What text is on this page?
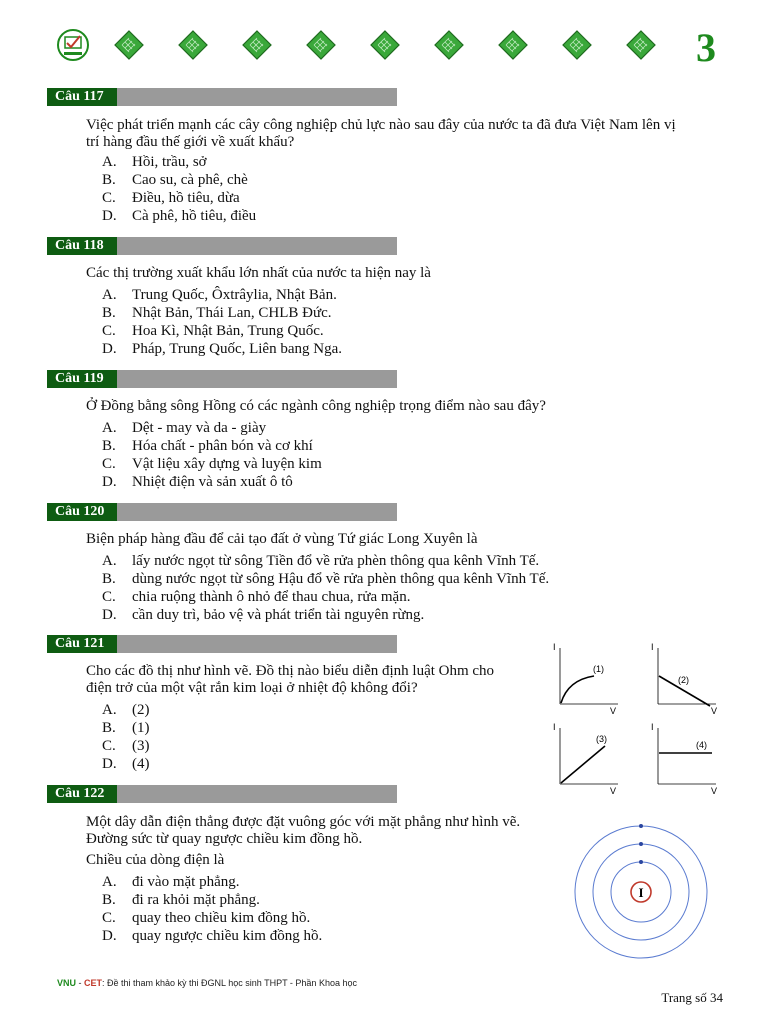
3
Câu 117
Việc phát triển mạnh các cây công nghiệp chủ lực nào sau đây của nước ta đã đưa Việt Nam lên vị
trí hàng đầu thế giới về xuất khẩu?
A. Hồi, trầu, sở
B. Cao su, cà phê, chè
C. Điều, hồ tiêu, dừa
D. Cà phê, hồ tiêu, điều
Câu 118
Các thị trường xuất khẩu lớn nhất của nước ta hiện nay là
A. Trung Quốc, Ôxtrâylia, Nhật Bản.
B. Nhật Bản, Thái Lan, CHLB Đức.
C. Hoa Kì, Nhật Bản, Trung Quốc.
D. Pháp, Trung Quốc, Liên bang Nga.
Câu 119
Ở Đồng bằng sông Hồng có các ngành công nghiệp trọng điểm nào sau đây?
A. Dệt - may và da - giày
B. Hóa chất - phân bón và cơ khí
C. Vật liệu xây dựng và luyện kim
D. Nhiệt điện và sản xuất ô tô
Câu 120
Biện pháp hàng đầu để cải tạo đất ở vùng Tứ giác Long Xuyên là
A. lấy nước ngọt từ sông Tiền đổ về rửa phèn thông qua kênh Vĩnh Tế.
B. dùng nước ngọt từ sông Hậu đổ về rửa phèn thông qua kênh Vĩnh Tế.
C. chia ruộng thành ô nhỏ để thau chua, rửa mặn.
D. cần duy trì, bảo vệ và phát triển tài nguyên rừng.
Câu 121
Cho các đồ thị như hình vẽ. Đồ thị nào biểu diễn định luật Ohm cho
điện trở của một vật rắn kim loại ở nhiệt độ không đổi?
A. (2)
B. (1)
C. (3)
D. (4)
I
V
(1)
I
V
(2)
I
V
(3)
I
V
(4)
Câu 122
Một dây dẫn điện thẳng được đặt vuông góc với mặt phẳng như hình vẽ.
Đường sức từ quay ngược chiều kim đồng hồ.
Chiều của dòng điện là
A. đi vào mặt phẳng.
B. đi ra khỏi mặt phẳng.
C. quay theo chiều kim đồng hồ.
D. quay ngược chiều kim đồng hồ.
I
VNU - CET: Đề thi tham khảo kỳ thi ĐGNL học sinh THPT - Phần Khoa học
Trang số 34
